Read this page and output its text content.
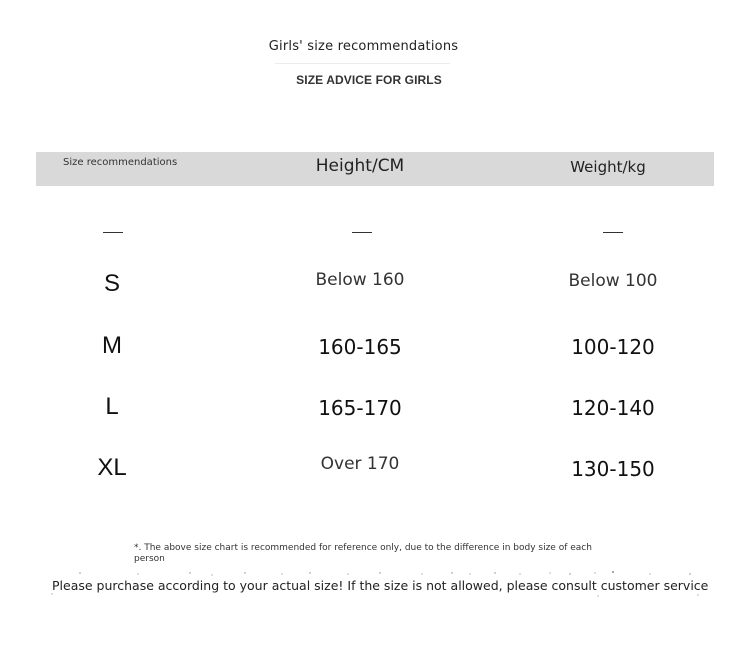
Girls' size recommendations
SIZE ADVICE FOR GIRLS
Size recommendations	Height/CM	Weight/kg
S	Below 160	Below 100
M	160-165	100-120
L	165-170	120-140
XL	Over 170	130-150
*. The above size chart is recommended for reference only, due to the difference in body size of each person
Please purchase according to your actual size! If the size is not allowed, please consult customer service
